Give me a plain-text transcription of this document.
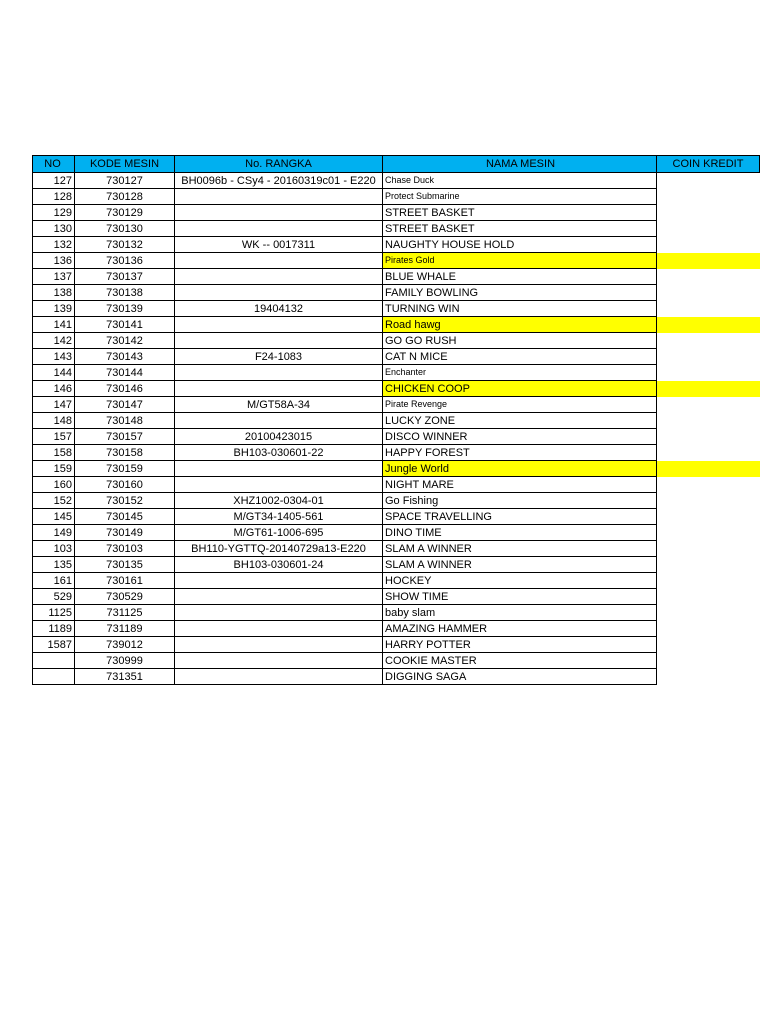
NO	KODE MESIN	No. RANGKA	NAMA MESIN	COIN KREDIT
127	730127	BH0096b - CSy4 - 20160319c01 - E220	Chase Duck	
128	730128		Protect Submarine	
129	730129		STREET BASKET	
130	730130		STREET BASKET	
132	730132	WK -- 0017311	NAUGHTY HOUSE HOLD	
136	730136		Pirates Gold	
137	730137		BLUE WHALE	
138	730138		FAMILY BOWLING	
139	730139	19404132	TURNING WIN	
141	730141		Road hawg	
142	730142		GO GO RUSH	
143	730143	F24-1083	CAT N MICE	
144	730144		Enchanter	
146	730146		CHICKEN COOP	
147	730147	M/GT58A-34	Pirate Revenge	
148	730148		LUCKY ZONE	
157	730157	20100423015	DISCO WINNER	
158	730158	BH103-030601-22	HAPPY FOREST	
159	730159		Jungle World	
160	730160		NIGHT MARE	
152	730152	XHZ1002-0304-01	Go Fishing	
145	730145	M/GT34-1405-561	SPACE TRAVELLING	
149	730149	M/GT61-1006-695	DINO TIME	
103	730103	BH110-YGTTQ-20140729a13-E220	SLAM A WINNER	
135	730135	BH103-030601-24	SLAM A WINNER	
161	730161		HOCKEY	
529	730529		SHOW TIME	
1125	731125		baby slam	
1189	731189		AMAZING HAMMER	
1587	739012		HARRY POTTER	
	730999		COOKIE MASTER	
	731351		DIGGING SAGA	
